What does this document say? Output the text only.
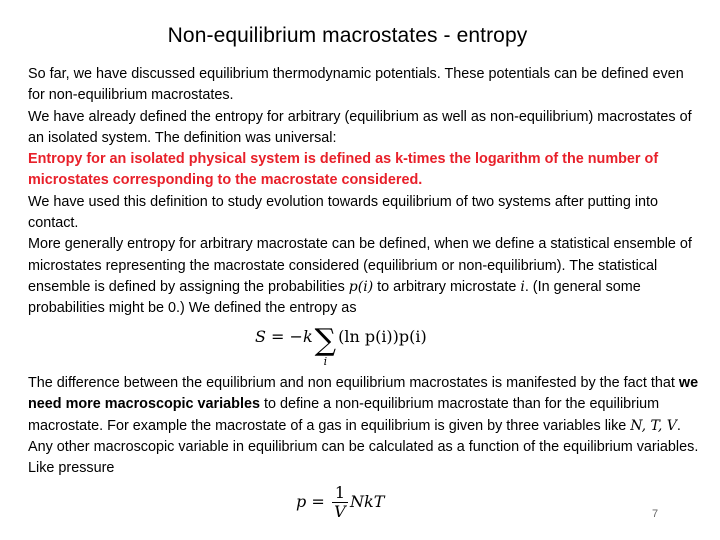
Non-equilibrium macrostates - entropy
So far, we have discussed equilibrium thermodynamic potentials. These potentials can be defined even for non-equilibrium macrostates.
We have already defined the entropy for arbitrary (equilibrium as well as non-equilibrium) macrostates of an isolated system. The definition was universal:
Entropy for an isolated physical system is defined as k-times the logarithm of the number of microstates corresponding to the macrostate considered.
We have used this definition to study evolution towards equilibrium of two systems after putting into contact.
More generally entropy for arbitrary macrostate can be defined, when we define a statistical ensemble of microstates representing the macrostate considered (equilibrium or non-equilibrium). The statistical ensemble is defined by assigning the probabilities p(i) to arbitrary microstate i. (In general some probabilities might be 0.) We defined the entropy as
S = −k∑
i
(ln p(i))p(i)
The difference between the equilibrium and non equilibrium macrostates is manifested by the fact that we need more macroscopic variables to define a non-equilibrium macrostate than for the equilibrium macrostate. For example the macrostate of a gas in equilibrium is given by three variables like N, T, V. Any other macroscopic variable in equilibrium can be calculated as a function of the equilibrium variables. Like pressure
$p = \frac{1}{V}$ NkT
7
